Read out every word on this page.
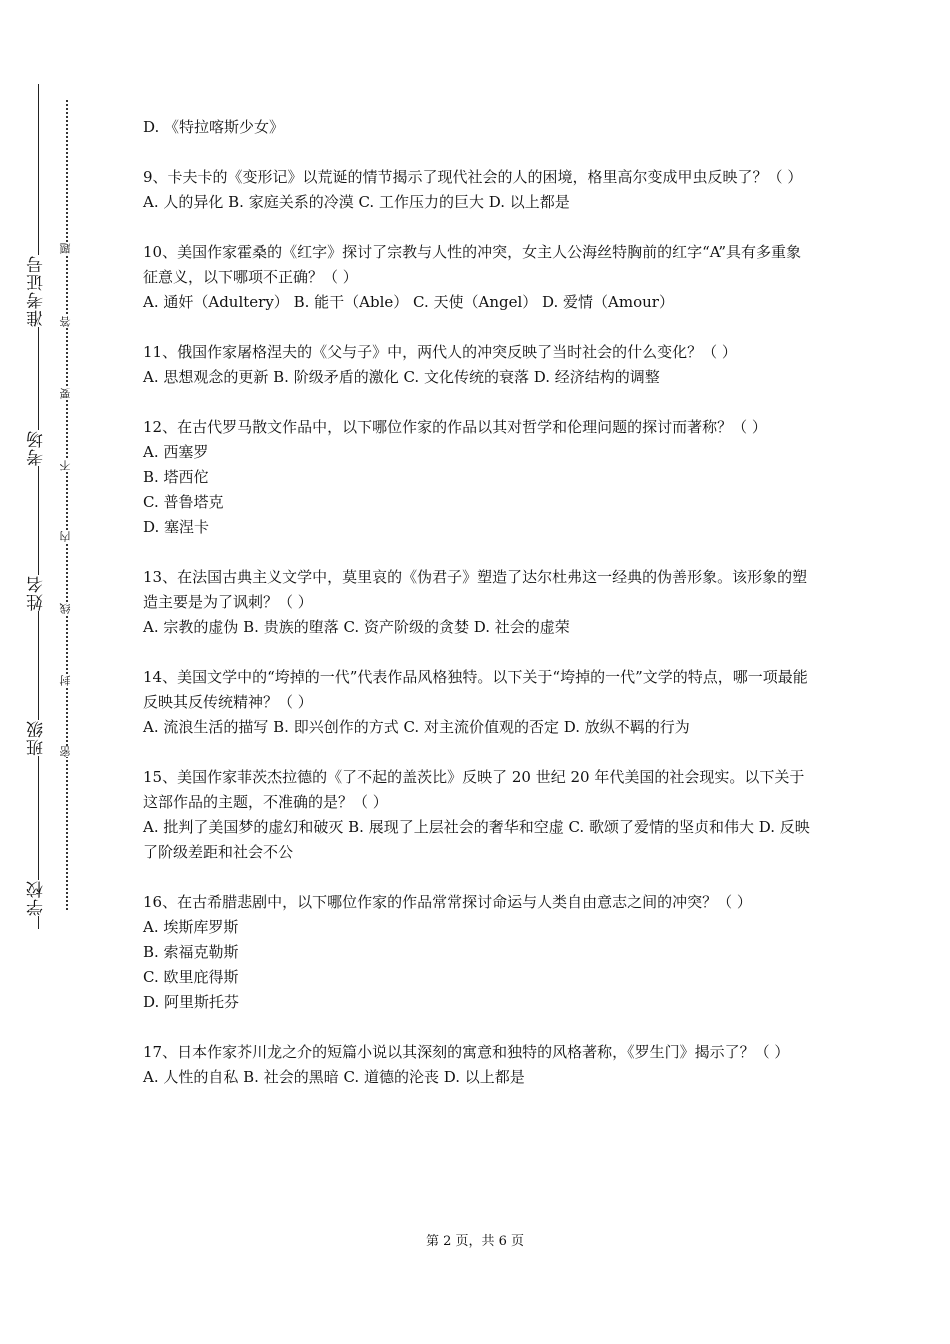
准考证号
考场
姓名
班级
学校
题
答
要
不
内
线
封
密
D. 《特拉喀斯少女》
9、卡夫卡的《变形记》以荒诞的情节揭示了现代社会的人的困境，格里高尔变成甲虫反映了？（ ）
A. 人的异化 B. 家庭关系的冷漠 C. 工作压力的巨大 D. 以上都是
10、美国作家霍桑的《红字》探讨了宗教与人性的冲突，女主人公海丝特胸前的红字“A”具有多重象征意义，以下哪项不正确？（ ）
A. 通奸（Adultery） B. 能干（Able） C. 天使（Angel） D. 爱情（Amour）
11、俄国作家屠格涅夫的《父与子》中，两代人的冲突反映了当时社会的什么变化？（ ）
A. 思想观念的更新 B. 阶级矛盾的激化 C. 文化传统的衰落 D. 经济结构的调整
12、在古代罗马散文作品中，以下哪位作家的作品以其对哲学和伦理问题的探讨而著称？（ ）
A. 西塞罗
B. 塔西佗
C. 普鲁塔克
D. 塞涅卡
13、在法国古典主义文学中，莫里哀的《伪君子》塑造了达尔杜弗这一经典的伪善形象。该形象的塑造主要是为了讽刺？（ ）
A. 宗教的虚伪 B. 贵族的堕落 C. 资产阶级的贪婪 D. 社会的虚荣
14、美国文学中的“垮掉的一代”代表作品风格独特。以下关于“垮掉的一代”文学的特点，哪一项最能反映其反传统精神？（ ）
A. 流浪生活的描写 B. 即兴创作的方式 C. 对主流价值观的否定 D. 放纵不羁的行为
15、美国作家菲茨杰拉德的《了不起的盖茨比》反映了 20 世纪 20 年代美国的社会现实。以下关于这部作品的主题，不准确的是？（ ）
A. 批判了美国梦的虚幻和破灭 B. 展现了上层社会的奢华和空虚 C. 歌颂了爱情的坚贞和伟大 D. 反映了阶级差距和社会不公
16、在古希腊悲剧中，以下哪位作家的作品常常探讨命运与人类自由意志之间的冲突？（ ）
A. 埃斯库罗斯
B. 索福克勒斯
C. 欧里庇得斯
D. 阿里斯托芬
17、日本作家芥川龙之介的短篇小说以其深刻的寓意和独特的风格著称，《罗生门》揭示了？（ ）
A. 人性的自私 B. 社会的黑暗 C. 道德的沦丧 D. 以上都是
第 2 页，共 6 页
